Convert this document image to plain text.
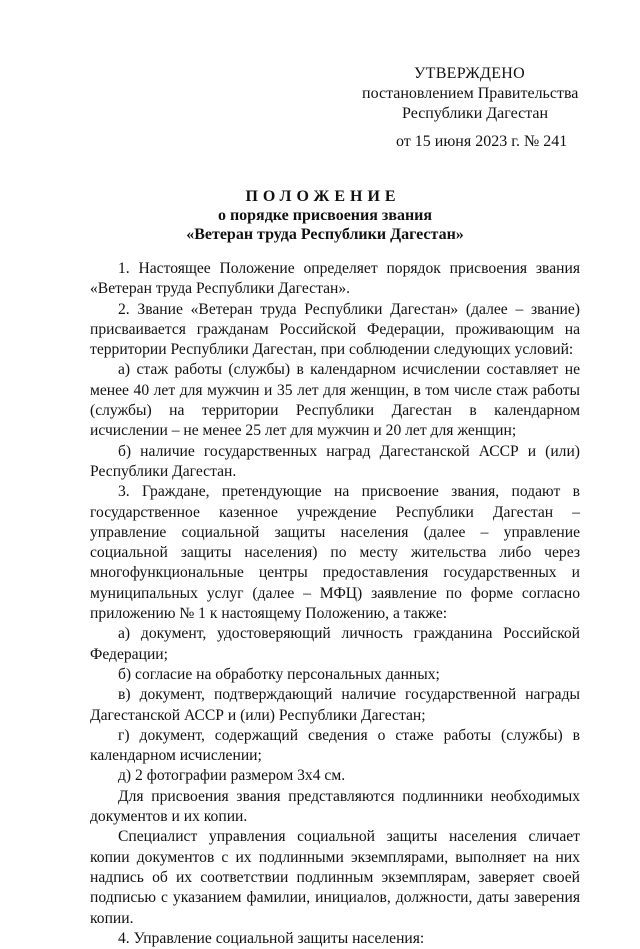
УТВЕРЖДЕНО
постановлением Правительства
Республики Дагестан
от 15 июня 2023 г. № 241
ПОЛОЖЕНИЕ
о порядке присвоения звания
«Ветеран труда Республики Дагестан»

1. Настоящее Положение определяет порядок присвоения звания «Ветеран труда Республики Дагестан».

2. Звание «Ветеран труда Республики Дагестан» (далее – звание) присваивается гражданам Российской Федерации, проживающим на территории Республики Дагестан, при соблюдении следующих условий:

а) стаж работы (службы) в календарном исчислении составляет не менее 40 лет для мужчин и 35 лет для женщин, в том числе стаж работы (службы) на территории Республики Дагестан в календарном исчислении – не менее 25 лет для мужчин и 20 лет для женщин;

б) наличие государственных наград Дагестанской АССР и (или) Республики Дагестан.

3. Граждане, претендующие на присвоение звания, подают в государственное казенное учреждение Республики Дагестан – управление социальной защиты населения (далее – управление социальной защиты населения) по месту жительства либо через многофункциональные центры предоставления государственных и муниципальных услуг (далее – МФЦ) заявление по форме согласно приложению № 1 к настоящему Положению, а также:

а) документ, удостоверяющий личность гражданина Российской Федерации;

б) согласие на обработку персональных данных;

в) документ, подтверждающий наличие государственной награды Дагестанской АССР и (или) Республики Дагестан;

г) документ, содержащий сведения о стаже работы (службы) в календарном исчислении;

д) 2 фотографии размером 3х4 см.

Для присвоения звания представляются подлинники необходимых документов и их копии.

Специалист управления социальной защиты населения сличает копии документов с их подлинными экземплярами, выполняет на них надпись об их соответствии подлинным экземплярам, заверяет своей подписью с указанием фамилии, инициалов, должности, даты заверения копии.

4. Управление социальной защиты населения:
